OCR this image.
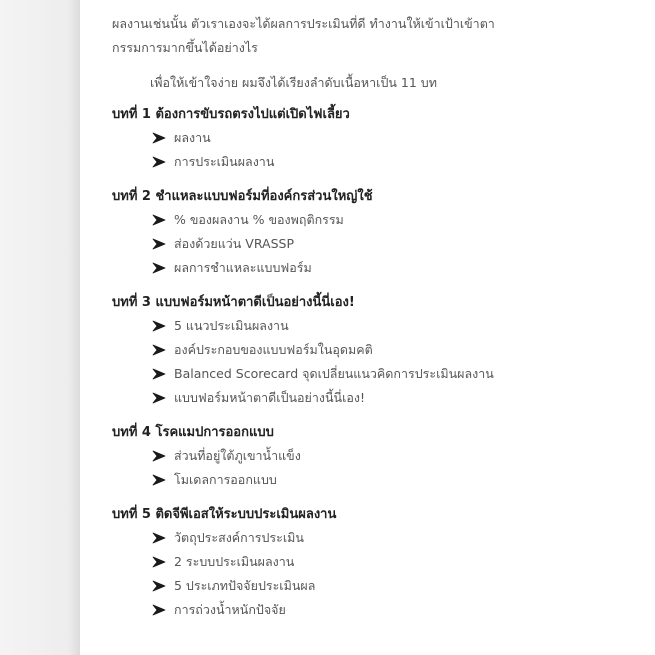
ผลงานเช่นนั้น ตัวเราเองจะได้ผลการประเมินที่ดี ทำงานให้เข้าเป้าเข้าตา
กรรมการมากขึ้นได้อย่างไร

เพื่อให้เข้าใจง่าย ผมจึงได้เรียงลำดับเนื้อหาเป็น 11 บท

บทที่ 1 ต้องการขับรถตรงไปแต่เปิดไฟเลี้ยว

ผลงาน
การประเมินผลงาน

บทที่ 2 ชำแหละแบบฟอร์มที่องค์กรส่วนใหญ่ใช้

% ของผลงาน % ของพฤติกรรม
ส่องด้วยแว่น VRASSP
ผลการชำแหละแบบฟอร์ม

บทที่ 3 แบบฟอร์มหน้าตาดีเป็นอย่างนี้นี่เอง!

5 แนวประเมินผลงาน
องค์ประกอบของแบบฟอร์มในอุดมคติ
Balanced Scorecard จุดเปลี่ยนแนวคิดการประเมินผลงาน
แบบฟอร์มหน้าตาดีเป็นอย่างนี้นี่เอง!

บทที่ 4 โรคแมปการออกแบบ

ส่วนที่อยู่ใต้ภูเขาน้ำแข็ง
โมเดลการออกแบบ

บทที่ 5 ติดจีพีเอสให้ระบบประเมินผลงาน

วัตถุประสงค์การประเมิน
2 ระบบประเมินผลงาน
5 ประเภทปัจจัยประเมินผล
การถ่วงน้ำหนักปัจจัย
